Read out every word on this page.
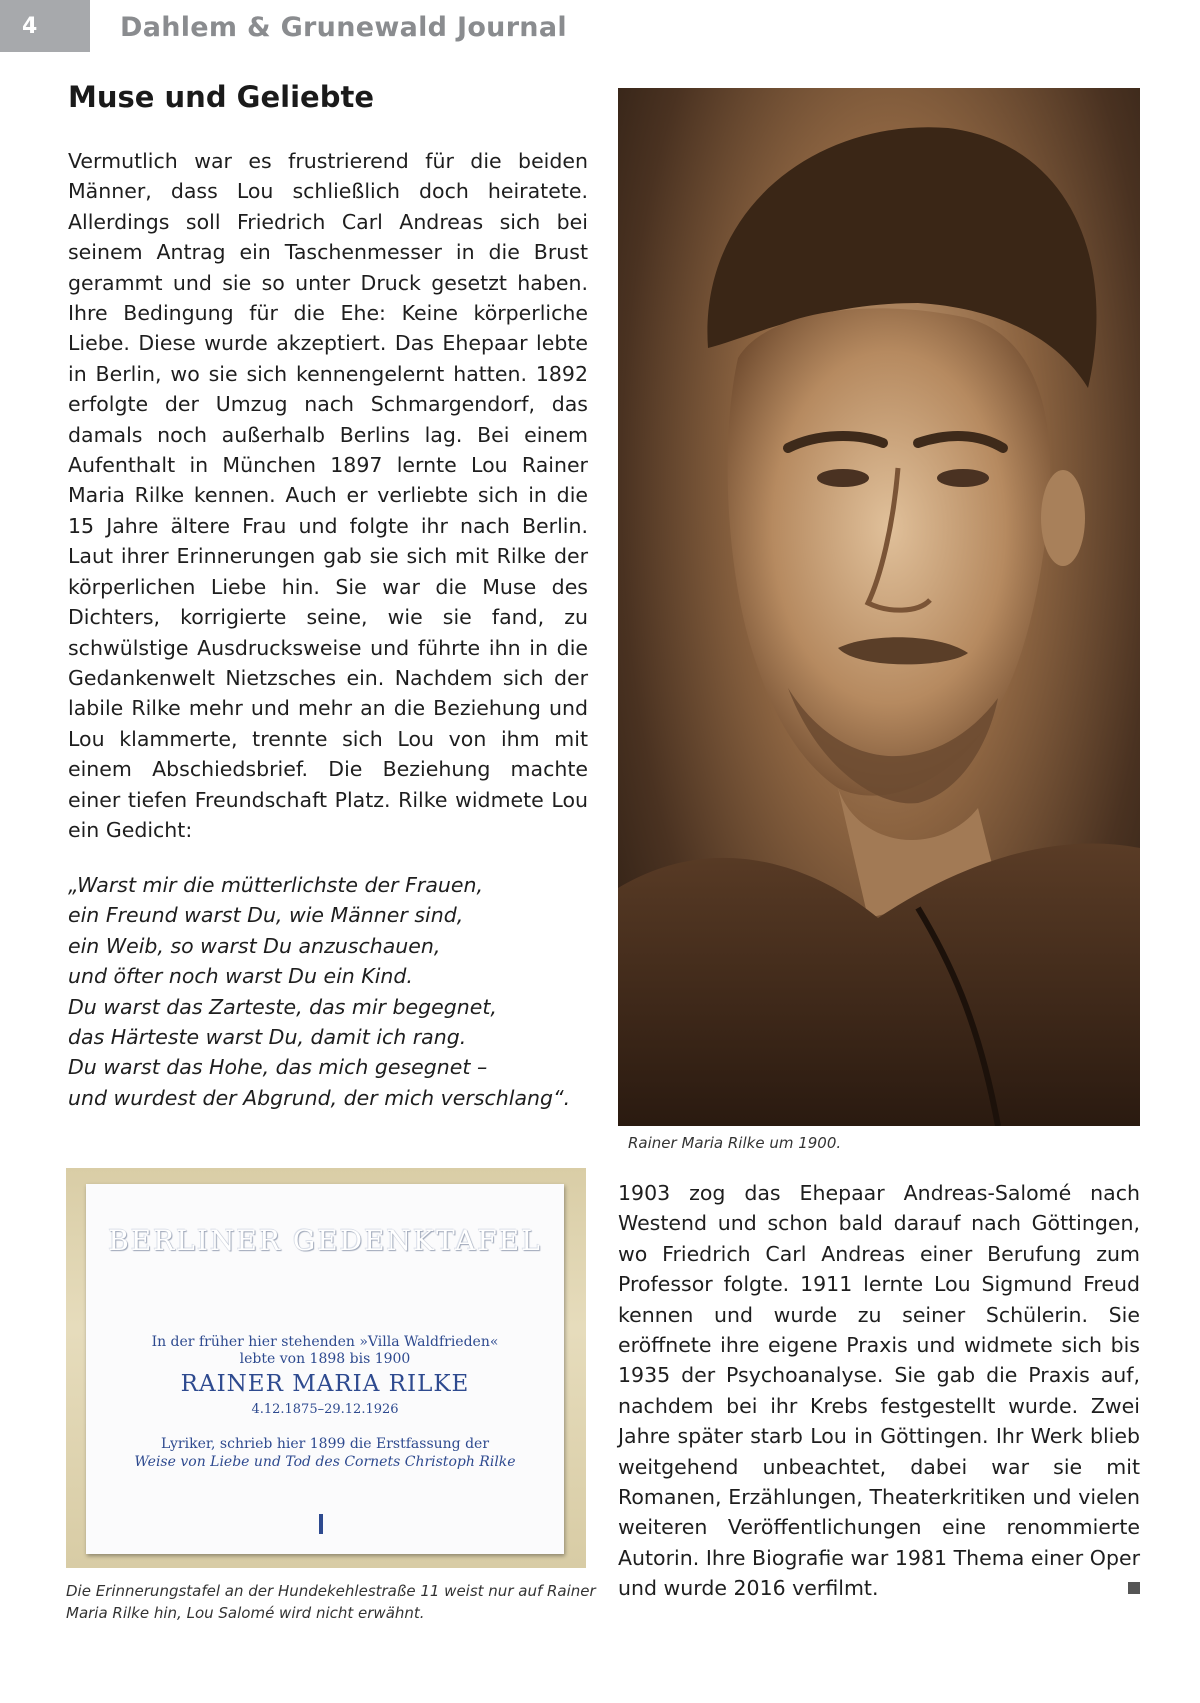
4	Dahlem & Grunewald Journal
Muse und Geliebte

Vermutlich war es frustrierend für die beiden Männer, dass Lou schließlich doch heiratete. Allerdings soll Friedrich Carl Andreas sich bei seinem Antrag ein Taschenmesser in die Brust gerammt und sie so unter Druck gesetzt haben. Ihre Bedingung für die Ehe: Keine körperliche Liebe. Diese wurde akzeptiert. Das Ehepaar lebte in Berlin, wo sie sich kennengelernt hatten. 1892 erfolgte der Umzug nach Schmargendorf, das damals noch außerhalb Berlins lag. Bei einem Aufenthalt in München 1897 lernte Lou Rainer Maria Rilke kennen. Auch er verliebte sich in die 15 Jahre ältere Frau und folgte ihr nach Berlin. Laut ihrer Erinnerungen gab sie sich mit Rilke der körperlichen Liebe hin. Sie war die Muse des Dichters, korrigierte seine, wie sie fand, zu schwülstige Ausdrucksweise und führte ihn in die Gedankenwelt Nietzsches ein. Nachdem sich der labile Rilke mehr und mehr an die Beziehung und Lou klammerte, trennte sich Lou von ihm mit einem Abschiedsbrief. Die Beziehung machte einer tiefen Freundschaft Platz. Rilke widmete Lou ein Gedicht:

„Warst mir die mütterlichste der Frauen,
ein Freund warst Du, wie Männer sind,
ein Weib, so warst Du anzuschauen,
und öfter noch warst Du ein Kind.
Du warst das Zarteste, das mir begegnet,
das Härteste warst Du, damit ich rang.
Du warst das Hohe, das mich gesegnet –
und wurdest der Abgrund, der mich verschlang“.
Rainer Maria Rilke um 1900.
BERLINER GEDENKTAFEL
In der früher hier stehenden »Villa Waldfrieden«
lebte von 1898 bis 1900
RAINER MARIA RILKE
4.12.1875–29.12.1926
Lyriker, schrieb hier 1899 die Erstfassung der
Weise von Liebe und Tod des Cornets Christoph Rilke
Die Erinnerungstafel an der Hundekehlestraße 11 weist nur auf Rainer Maria Rilke hin, Lou Salomé wird nicht erwähnt.

1903 zog das Ehepaar Andreas-Salomé nach Westend und schon bald darauf nach Göttingen, wo Friedrich Carl Andreas einer Berufung zum Professor folgte. 1911 lernte Lou Sigmund Freud kennen und wurde zu seiner Schülerin. Sie eröffnete ihre eigene Praxis und widmete sich bis 1935 der Psychoanalyse. Sie gab die Praxis auf, nachdem bei ihr Krebs festgestellt wurde. Zwei Jahre später starb Lou in Göttingen. Ihr Werk blieb weitgehend unbeachtet, dabei war sie mit Romanen, Erzählungen, Theaterkritiken und vielen weiteren Veröffentlichungen eine renommierte Autorin. Ihre Biografie war 1981 Thema einer Oper und wurde 2016 verfilmt.
